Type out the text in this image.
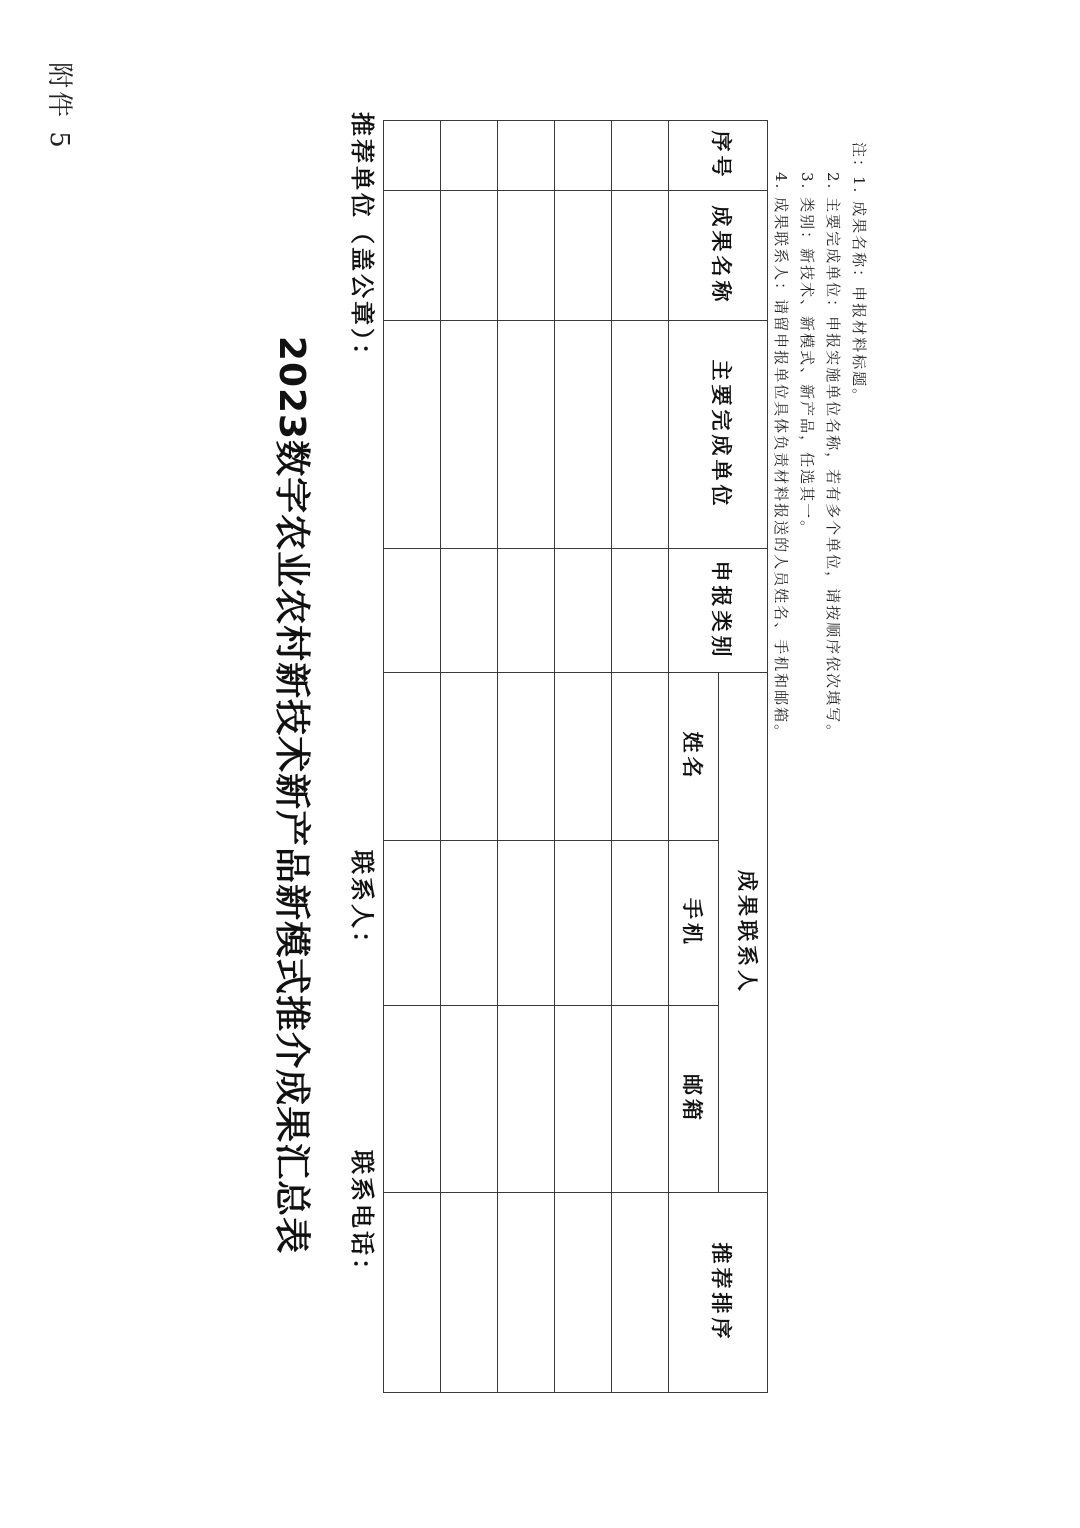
附件 5
2023数字农业农村新技术新产品新模式推介成果汇总表
推荐单位（盖公章）：
联系人：
联系电话：
序号	成果名称	主要完成单位	申报类别	成果联系人			推荐排序
				姓名	手机	邮箱	

注：1. 成果名称：申报材料标题。
2. 主要完成单位：申报实施单位名称，若有多个单位，请按顺序依次填写。
3. 类别：新技术、新模式、新产品，任选其一。
4. 成果联系人：请留申报单位具体负责材料报送的人员姓名、手机和邮箱。
